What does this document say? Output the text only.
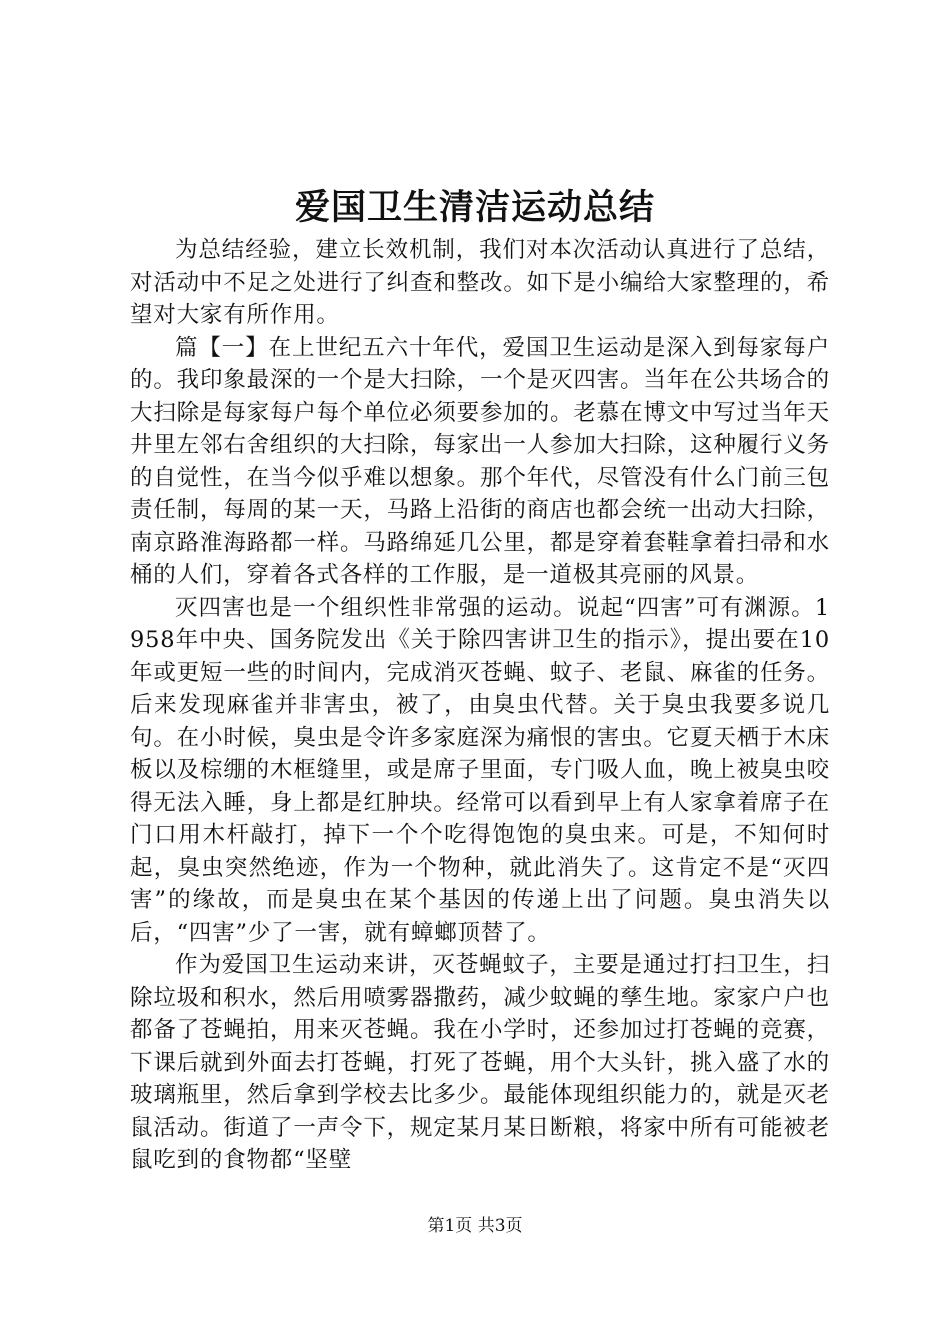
爱国卫生清洁运动总结

为总结经验，建立长效机制，我们对本次活动认真进行了总结，对活动中不足之处进行了纠查和整改。如下是小编给大家整理的，希望对大家有所作用。

篇【一】在上世纪五六十年代，爱国卫生运动是深入到每家每户的。我印象最深的一个是大扫除，一个是灭四害。当年在公共场合的大扫除是每家每户每个单位必须要参加的。老慕在博文中写过当年天井里左邻右舍组织的大扫除，每家出一人参加大扫除，这种履行义务的自觉性，在当今似乎难以想象。那个年代，尽管没有什么门前三包责任制，每周的某一天，马路上沿街的商店也都会统一出动大扫除，南京路淮海路都一样。马路绵延几公里，都是穿着套鞋拿着扫帚和水桶的人们，穿着各式各样的工作服，是一道极其亮丽的风景。

灭四害也是一个组织性非常强的运动。说起“四害”可有渊源。1958年中央、国务院发出《关于除四害讲卫生的指示》，提出要在10年或更短一些的时间内，完成消灭苍蝇、蚊子、老鼠、麻雀的任务。后来发现麻雀并非害虫，被了，由臭虫代替。关于臭虫我要多说几句。在小时候，臭虫是令许多家庭深为痛恨的害虫。它夏天栖于木床板以及棕绷的木框缝里，或是席子里面，专门吸人血，晚上被臭虫咬得无法入睡，身上都是红肿块。经常可以看到早上有人家拿着席子在门口用木杆敲打，掉下一个个吃得饱饱的臭虫来。可是，不知何时起，臭虫突然绝迹，作为一个物种，就此消失了。这肯定不是“灭四害”的缘故，而是臭虫在某个基因的传递上出了问题。臭虫消失以后，“四害”少了一害，就有蟑螂顶替了。

作为爱国卫生运动来讲，灭苍蝇蚊子，主要是通过打扫卫生，扫除垃圾和积水，然后用喷雾器撒药，减少蚊蝇的孳生地。家家户户也都备了苍蝇拍，用来灭苍蝇。我在小学时，还参加过打苍蝇的竞赛，下课后就到外面去打苍蝇，打死了苍蝇，用个大头针，挑入盛了水的玻璃瓶里，然后拿到学校去比多少。最能体现组织能力的，就是灭老鼠活动。街道了一声令下，规定某月某日断粮，将家中所有可能被老鼠吃到的食物都“坚壁

第1页 共3页
